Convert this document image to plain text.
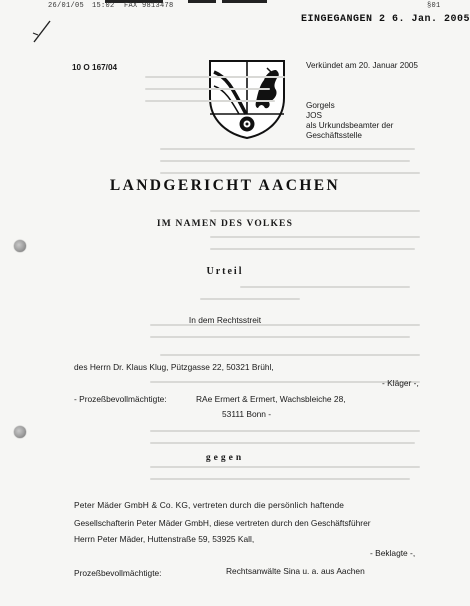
26/01/05 15:02 FAX 9813478	§01
EINGEGANGEN 2 6. Jan. 2005
10 O 167/04	Verkündet am 20. Januar 2005
Gorgels
JOS
als Urkundsbeamter der
Geschäftsstelle
LANDGERICHT AACHEN
IM NAMEN DES VOLKES
Urteil
In dem Rechtsstreit
des Herrn Dr. Klaus Klug, Pützgasse 22, 50321 Brühl,
- Kläger -,
- Prozeßbevollmächtigte:	RAe Ermert & Ermert, Wachsbleiche 28,
53111 Bonn -
gegen
Peter Mäder GmbH & Co. KG, vertreten durch die persönlich haftende
Gesellschafterin Peter Mäder GmbH, diese vertreten durch den Geschäftsführer
Herrn Peter Mäder, Huttenstraße 59, 53925 Kall,
- Beklagte -,
Prozeßbevollmächtigte:	Rechtsanwälte Sina u. a. aus Aachen
